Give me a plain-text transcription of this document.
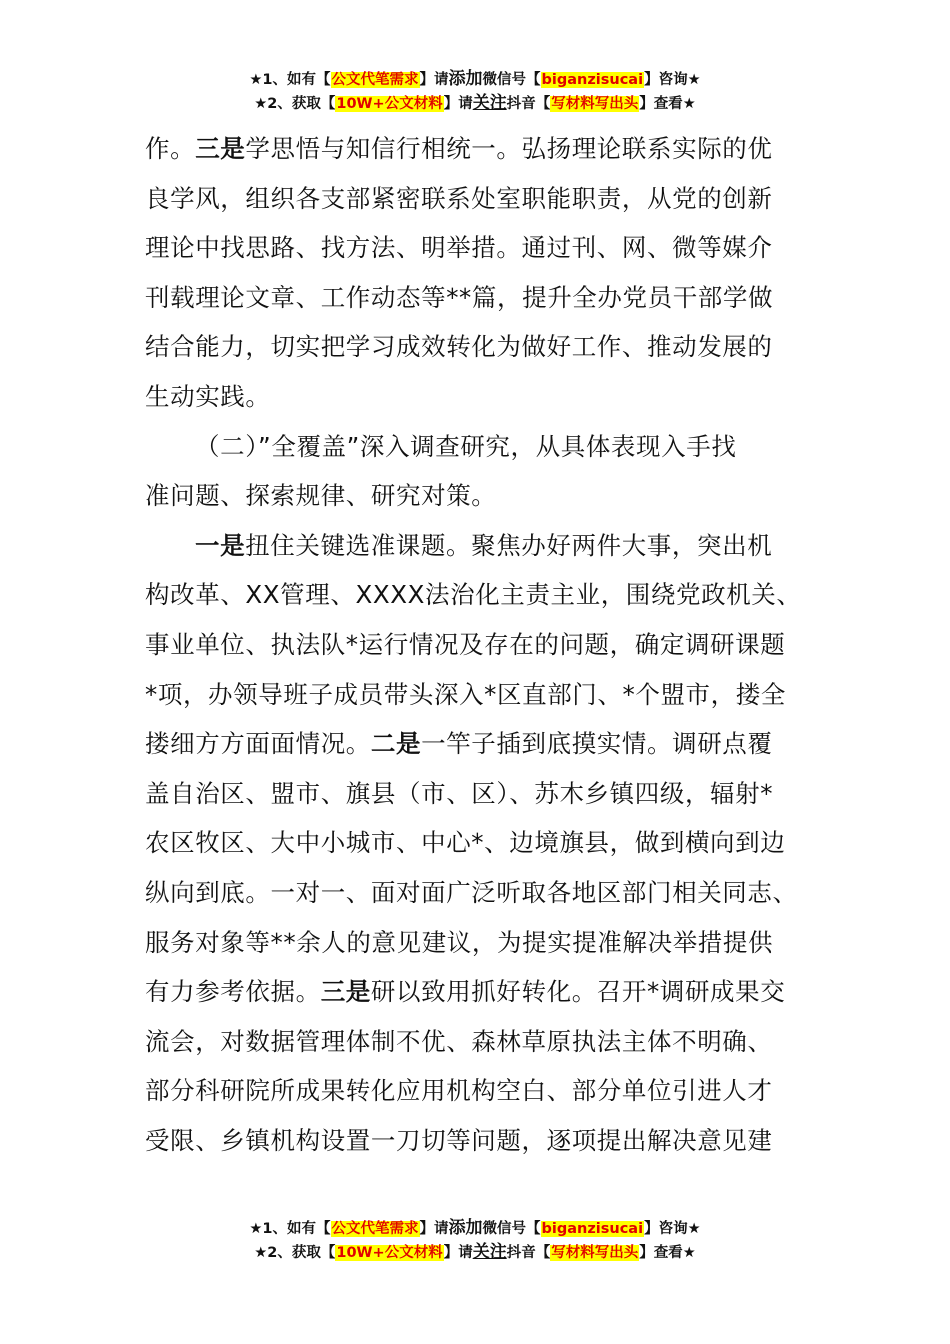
★1、如有【公文代笔需求】请添加微信号【biganzisucai】咨询★
★2、获取【10W+公文材料】请关注抖音【写材料写出头】查看★

作。三是学思悟与知信行相统一。弘扬理论联系实际的优

良学风，组织各支部紧密联系处室职能职责，从党的创新

理论中找思路、找方法、明举措。通过刊、网、微等媒介

刊载理论文章、工作动态等**篇，提升全办党员干部学做

结合能力，切实把学习成效转化为做好工作、推动发展的

生动实践。

（二）”全覆盖”深入调查研究，从具体表现入手找

准问题、探索规律、研究对策。

一是扭住关键选准课题。聚焦办好两件大事，突出机

构改革、XX管理、XXXX法治化主责主业，围绕党政机关、

事业单位、执法队*运行情况及存在的问题，确定调研课题

*项，办领导班子成员带头深入*区直部门、*个盟市，搂全

搂细方方面面情况。二是一竿子插到底摸实情。调研点覆

盖自治区、盟市、旗县（市、区）、苏木乡镇四级，辐射*

农区牧区、大中小城市、中心*、边境旗县，做到横向到边

纵向到底。一对一、面对面广泛听取各地区部门相关同志、

服务对象等**余人的意见建议，为提实提准解决举措提供

有力参考依据。三是研以致用抓好转化。召开*调研成果交

流会，对数据管理体制不优、森林草原执法主体不明确、

部分科研院所成果转化应用机构空白、部分单位引进人才

受限、乡镇机构设置一刀切等问题，逐项提出解决意见建

★1、如有【公文代笔需求】请添加微信号【biganzisucai】咨询★
★2、获取【10W+公文材料】请关注抖音【写材料写出头】查看★
